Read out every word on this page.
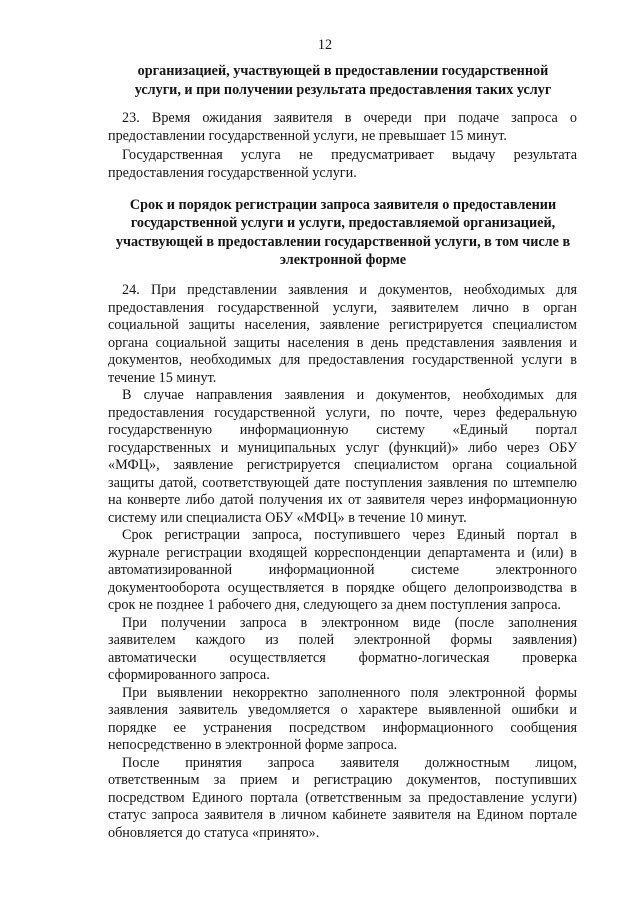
12
организацией, участвующей в предоставлении государственной
услуги, и при получении результата предоставления таких услуг
23. Время ожидания заявителя в очереди при подаче запроса о
предоставлении государственной услуги, не превышает 15 минут.
Государственная услуга не предусматривает выдачу результата
предоставления государственной услуги.
Срок и порядок регистрации запроса заявителя о предоставлении
государственной услуги и услуги, предоставляемой организацией,
участвующей в предоставлении государственной услуги, в том числе в
электронной форме
24. При представлении заявления и документов, необходимых для
предоставления государственной услуги, заявителем лично в орган
социальной защиты населения, заявление регистрируется специалистом
органа социальной защиты населения в день представления заявления и
документов, необходимых для предоставления государственной услуги в
течение 15 минут.
В случае направления заявления и документов, необходимых для
предоставления государственной услуги, по почте, через федеральную
государственную информационную систему «Единый портал
государственных и муниципальных услуг (функций)» либо через ОБУ
«МФЦ», заявление регистрируется специалистом органа социальной
защиты датой, соответствующей дате поступления заявления по штемпелю
на конверте либо датой получения их от заявителя через информационную
систему или специалиста ОБУ «МФЦ» в течение 10 минут.
Срок регистрации запроса, поступившего через Единый портал в
журнале регистрации входящей корреспонденции департамента и (или) в
автоматизированной информационной системе электронного
документооборота осуществляется в порядке общего делопроизводства в
срок не позднее 1 рабочего дня, следующего за днем поступления запроса.
При получении запроса в электронном виде (после заполнения
заявителем каждого из полей электронной формы заявления)
автоматически осуществляется форматно-логическая проверка
сформированного запроса.
При выявлении некорректно заполненного поля электронной формы
заявления заявитель уведомляется о характере выявленной ошибки и
порядке ее устранения посредством информационного сообщения
непосредственно в электронной форме запроса.
После принятия запроса заявителя должностным лицом,
ответственным за прием и регистрацию документов, поступивших
посредством Единого портала (ответственным за предоставление услуги)
статус запроса заявителя в личном кабинете заявителя на Едином портале
обновляется до статуса «принято».
